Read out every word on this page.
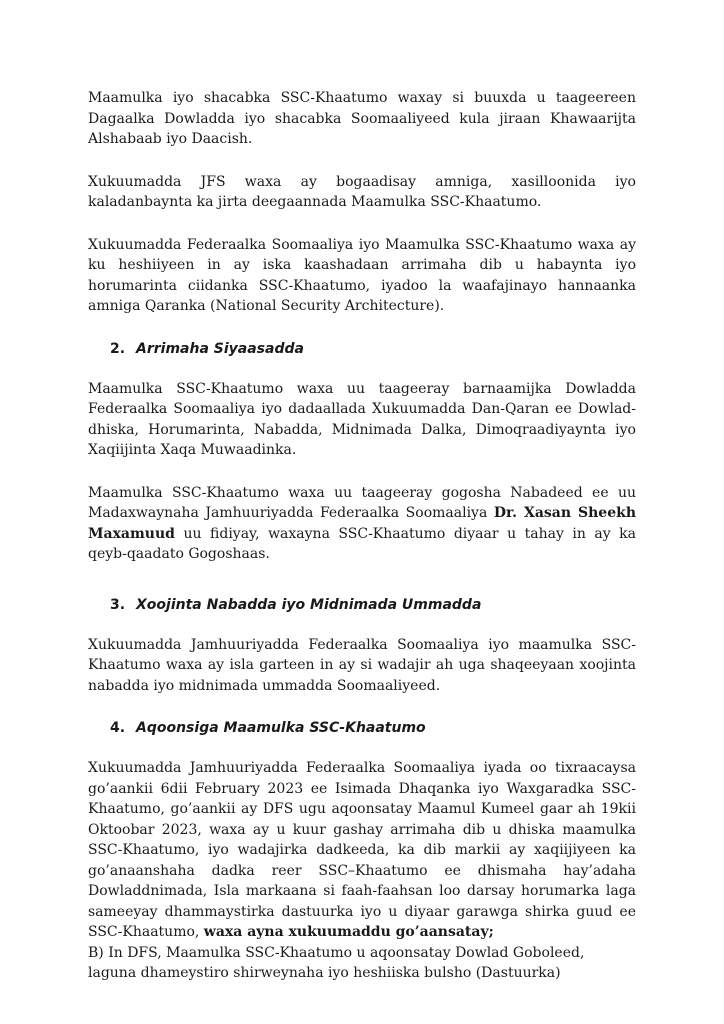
Maamulka iyo shacabka SSC-Khaatumo waxay si buuxda u taageereen Dagaalka Dowladda iyo shacabka Soomaaliyeed kula jiraan Khawaarijta Alshabaab iyo Daacish.

Xukuumadda JFS waxa ay bogaadisay amniga, xasilloonida iyo kaladanbaynta ka jirta deegaannada Maamulka SSC-Khaatumo.

Xukuumadda Federaalka Soomaaliya iyo Maamulka SSC-Khaatumo waxa ay ku heshiiyeen in ay iska kaashadaan arrimaha dib u habaynta iyo horumarinta ciidanka SSC-Khaatumo, iyadoo la waafajinayo hannaanka amniga Qaranka (National Security Architecture).

2. Arrimaha Siyaasadda

Maamulka SSC-Khaatumo waxa uu taageeray barnaamijka Dowladda Federaalka Soomaaliya iyo dadaallada Xukuumadda Dan-Qaran ee Dowlad-dhiska, Horumarinta, Nabadda, Midnimada Dalka, Dimoqraadiyaynta iyo Xaqiijinta Xaqa Muwaadinka.

Maamulka SSC-Khaatumo waxa uu taageeray gogosha Nabadeed ee uu Madaxwaynaha Jamhuuriyadda Federaalka Soomaaliya Dr. Xasan Sheekh Maxamuud uu fidiyay, waxayna SSC-Khaatumo diyaar u tahay in ay ka qeyb-qaadato Gogoshaas.

3. Xoojinta Nabadda iyo Midnimada Ummadda

Xukuumadda Jamhuuriyadda Federaalka Soomaaliya iyo maamulka SSC-Khaatumo waxa ay isla garteen in ay si wadajir ah uga shaqeeyaan xoojinta nabadda iyo midnimada ummadda Soomaaliyeed.

4. Aqoonsiga Maamulka SSC-Khaatumo

Xukuumadda Jamhuuriyadda Federaalka Soomaaliya iyada oo tixraacaysa go’aankii 6dii February 2023 ee Isimada Dhaqanka iyo Waxgaradka SSC-Khaatumo, go’aankii ay DFS ugu aqoonsatay Maamul Kumeel gaar ah 19kii Oktoobar 2023, waxa ay u kuur gashay arrimaha dib u dhiska maamulka SSC-Khaatumo, iyo wadajirka dadkeeda, ka dib markii ay xaqiijiyeen ka go’anaanshaha dadka reer SSC–Khaatumo ee dhismaha hay’adaha Dowladdnimada, Isla markaana si faah-faahsan loo darsay horumarka laga sameeyay dhammaystirka dastuurka iyo u diyaar garawga shirka guud ee SSC-Khaatumo, waxa ayna xukuumaddu go’aansatay;

B) In DFS, Maamulka SSC-Khaatumo u aqoonsatay Dowlad Goboleed, laguna dhameystiro shirweynaha iyo heshiiska bulsho (Dastuurka)
